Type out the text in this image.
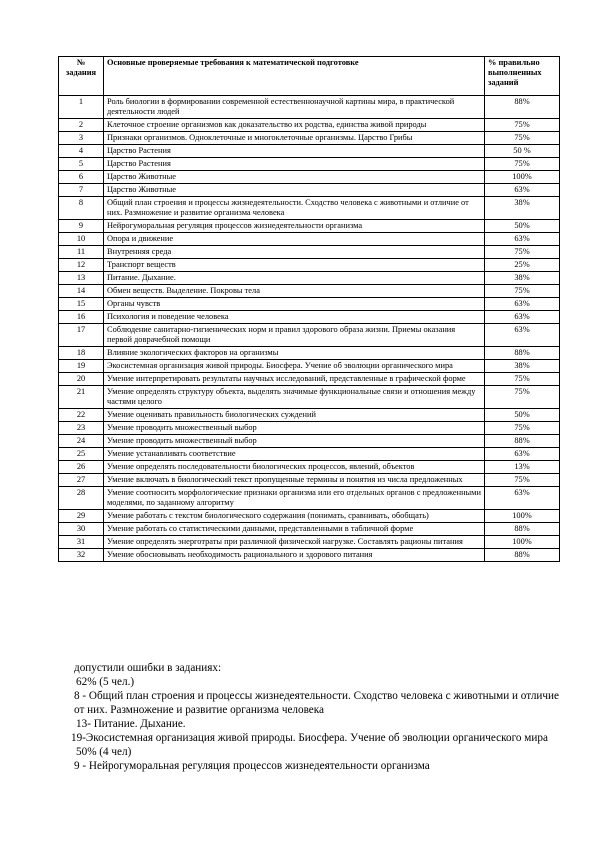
№ задания	Основные проверяемые требования к математической подготовке	% правильно выполненных заданий
1	Роль биологии в формировании современной естественнонаучной картины мира, в практической деятельности людей	88%
2	Клеточное строение организмов как доказательство их родства, единства живой природы	75%
3	Признаки организмов. Одноклеточные и многоклеточные организмы. Царство Грибы	75%
4	Царство Растения	50 %
5	Царство Растения	75%
6	Царство Животные	100%
7	Царство Животные	63%
8	Общий план строения и процессы жизнедеятельности. Сходство человека с животными и отличие от них. Размножение и развитие организма человека	38%
9	Нейрогуморальная регуляция процессов жизнедеятельности организма	50%
10	Опора и движение	63%
11	Внутренняя среда	75%
12	Транспорт веществ	25%
13	Питание. Дыхание.	38%
14	Обмен веществ. Выделение. Покровы тела	75%
15	Органы чувств	63%
16	Психология и поведение человека	63%
17	Соблюдение санитарно-гигиенических норм и правил здорового образа жизни. Приемы оказания первой доврачебной помощи	63%
18	Влияние экологических факторов на организмы	88%
19	Экосистемная организация живой природы. Биосфера. Учение об эволюции органического мира	38%
20	Умение интерпретировать результаты научных исследований, представленные в графической форме	75%
21	Умение определять структуру объекта, выделять значимые функциональные связи и отношения между частями целого	75%
22	Умение оценивать правильность биологических суждений	50%
23	Умение проводить множественный выбор	75%
24	Умение проводить множественный выбор	88%
25	Умение устанавливать соответствие	63%
26	Умение определять последовательности биологических процессов, явлений, объектов	13%
27	Умение включать в биологический текст пропущенные термины и понятия из числа предложенных	75%
28	Умение соотносить морфологические признаки организма или его отдельных органов с предложенными моделями, по заданному алгоритму	63%
29	Умение работать с текстом биологического содержания (понимать, сравнивать, обобщать)	100%
30	Умение работать со статистическими данными, представленными в табличной форме	88%
31	Умение определять энерготраты при различной физической нагрузке. Составлять рационы питания	100%
32	Умение обосновывать необходимость рационального и здорового питания	88%

допустили ошибки в заданиях:

62% (5 чел.)

8 - Общий план строения и процессы жизнедеятельности. Сходство человека с животными и отличие от них. Размножение и развитие организма человека

13- Питание. Дыхание.

19-Экосистемная организация живой природы. Биосфера. Учение об эволюции органического мира

50% (4 чел)

9 - Нейрогуморальная регуляция процессов жизнедеятельности организма
